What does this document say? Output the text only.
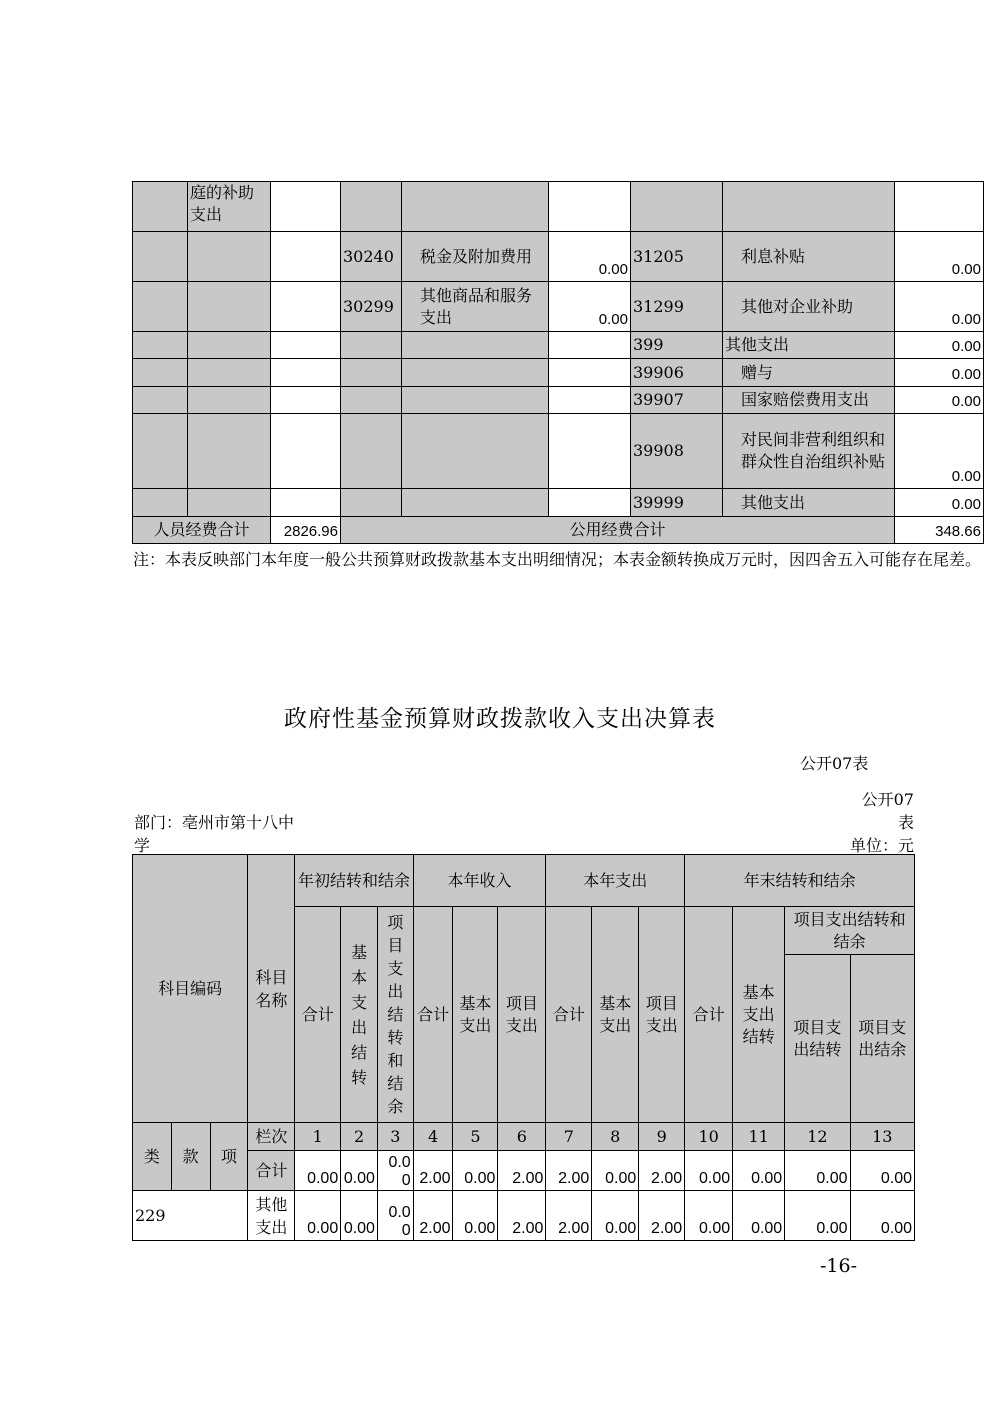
	庭的补助支出							
			30240	税金及附加费用	0.00	31205	利息补贴	0.00
			30299	其他商品和服务支出	0.00	31299	其他对企业补助	0.00
						399	其他支出	0.00
						39906	赠与	0.00
						39907	国家赔偿费用支出	0.00
						39908	对民间非营利组织和群众性自治组织补贴	0.00
						39999	其他支出	0.00
人员经费合计		2826.96	公用经费合计					348.66
注：本表反映部门本年度一般公共预算财政拨款基本支出明细情况；本表金额转换成万元时，因四舍五入可能存在尾差。
政府性基金预算财政拨款收入支出决算表
公开07表
公开07表
部门：亳州市第十八中学	单位：元
科目编码			科目名称	年初结转和结余			本年收入			本年支出			年末结转和结余			
				合计	基本支出结转	项目支出结转和结余	合计	基本支出	项目支出	合计	基本支出	项目支出	合计	基本支出结转	项目支出结转和结余	
															项目支出结转	项目支出结余
类	款	项	栏次	1	2	3	4	5	6	7	8	9	10	11	12	13
			合计	0.00	0.00	0.00	2.00	0.00	2.00	2.00	0.00	2.00	0.00	0.00	0.00	0.00
229			其他支出	0.00	0.00	0.00	2.00	0.00	2.00	2.00	0.00	2.00	0.00	0.00	0.00	0.00
-16-
